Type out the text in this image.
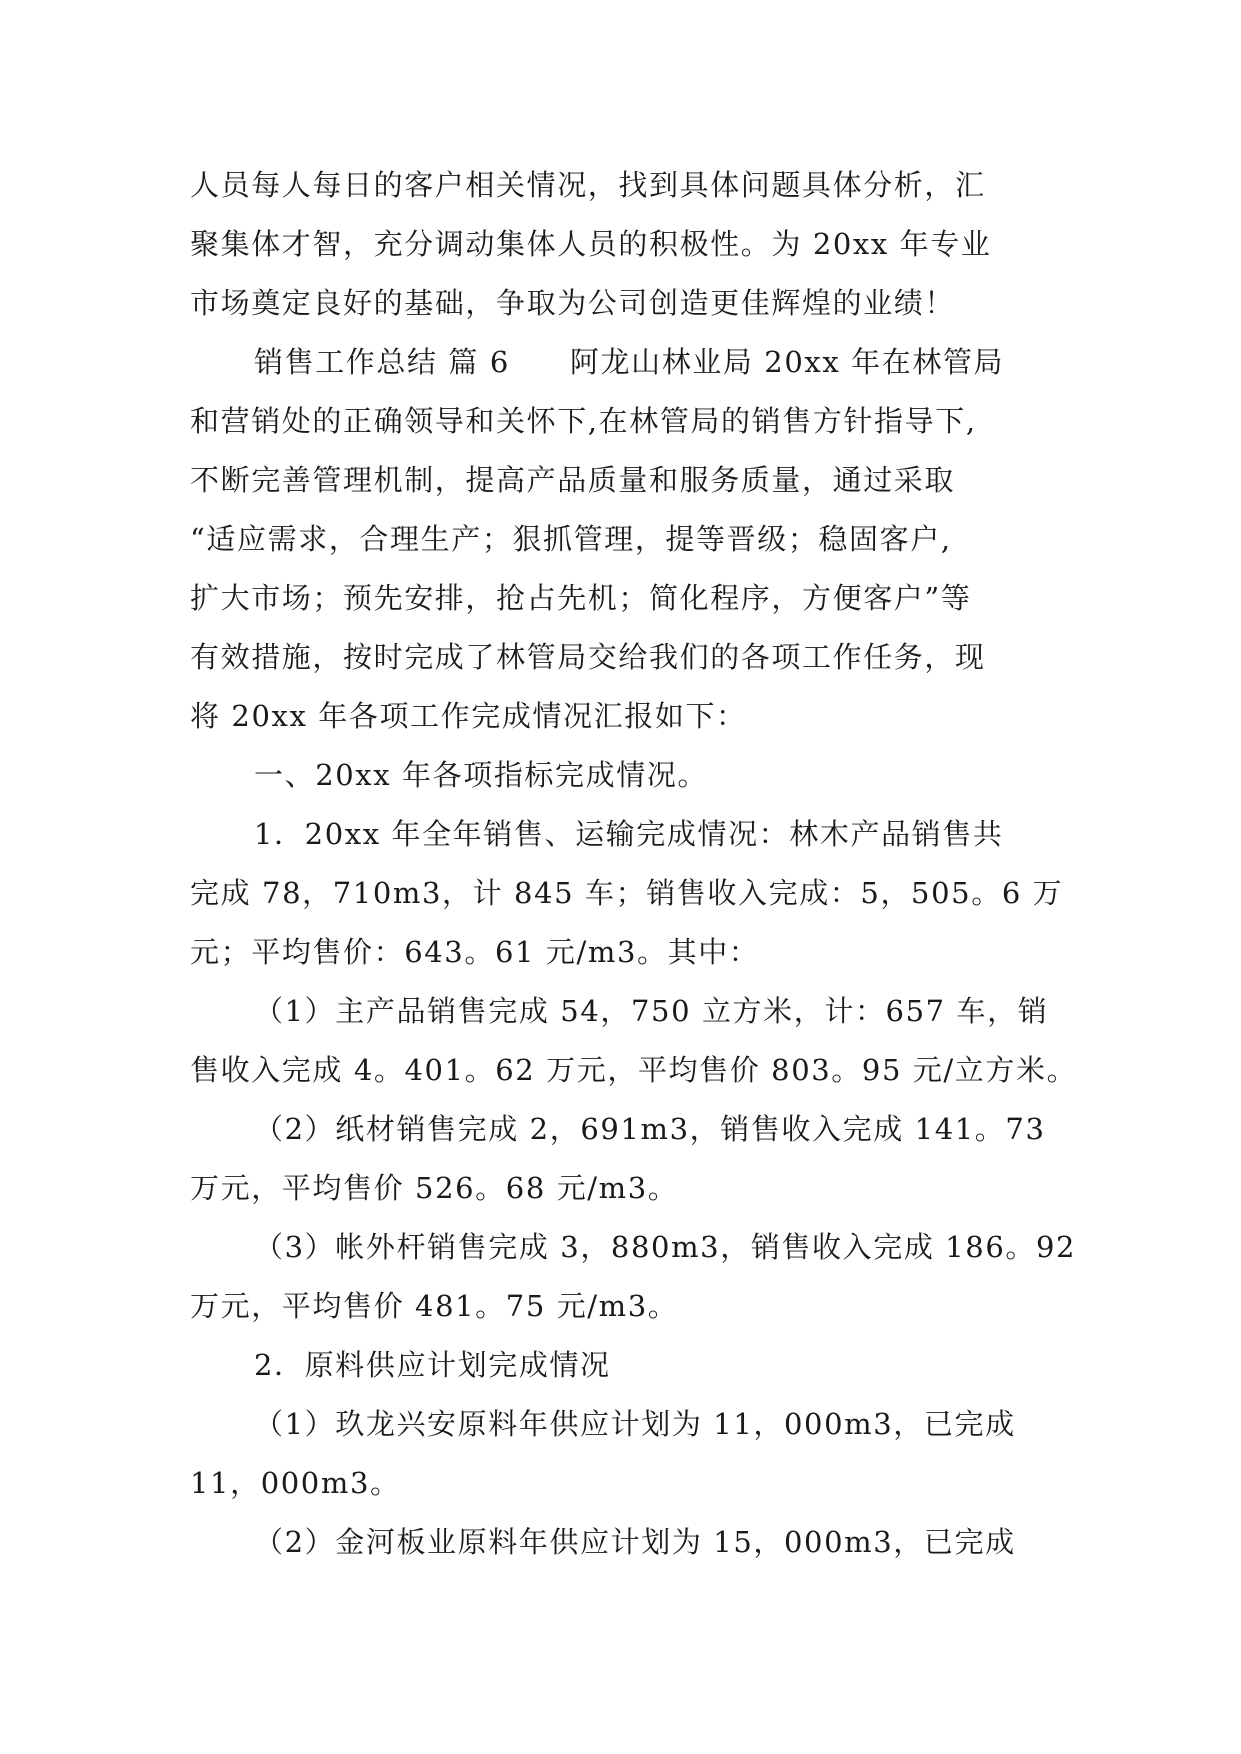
人员每人每日的客户相关情况，找到具体问题具体分析，汇
聚集体才智，充分调动集体人员的积极性。为 20xx 年专业
市场奠定良好的基础，争取为公司创造更佳辉煌的业绩！
销售工作总结 篇 6 阿龙山林业局 20xx 年在林管局
和营销处的正确领导和关怀下,在林管局的销售方针指导下,
不断完善管理机制，提高产品质量和服务质量，通过采取
“适应需求，合理生产；狠抓管理，提等晋级；稳固客户,
扩大市场；预先安排，抢占先机；简化程序，方便客户”等
有效措施，按时完成了林管局交给我们的各项工作任务，现
将 20xx 年各项工作完成情况汇报如下：
一、20xx 年各项指标完成情况。
1．20xx 年全年销售、运输完成情况：林木产品销售共
完成 78，710m3，计 845 车；销售收入完成：5，505。6 万
元；平均售价：643。61 元/m3。其中：
（1）主产品销售完成 54，750 立方米，计：657 车，销
售收入完成 4。401。62 万元，平均售价 803。95 元/立方米。
（2）纸材销售完成 2，691m3，销售收入完成 141。73
万元，平均售价 526。68 元/m3。
（3）帐外杆销售完成 3，880m3，销售收入完成 186。92
万元，平均售价 481。75 元/m3。
2．原料供应计划完成情况
（1）玖龙兴安原料年供应计划为 11，000m3，已完成
11，000m3。
（2）金河板业原料年供应计划为 15，000m3，已完成
